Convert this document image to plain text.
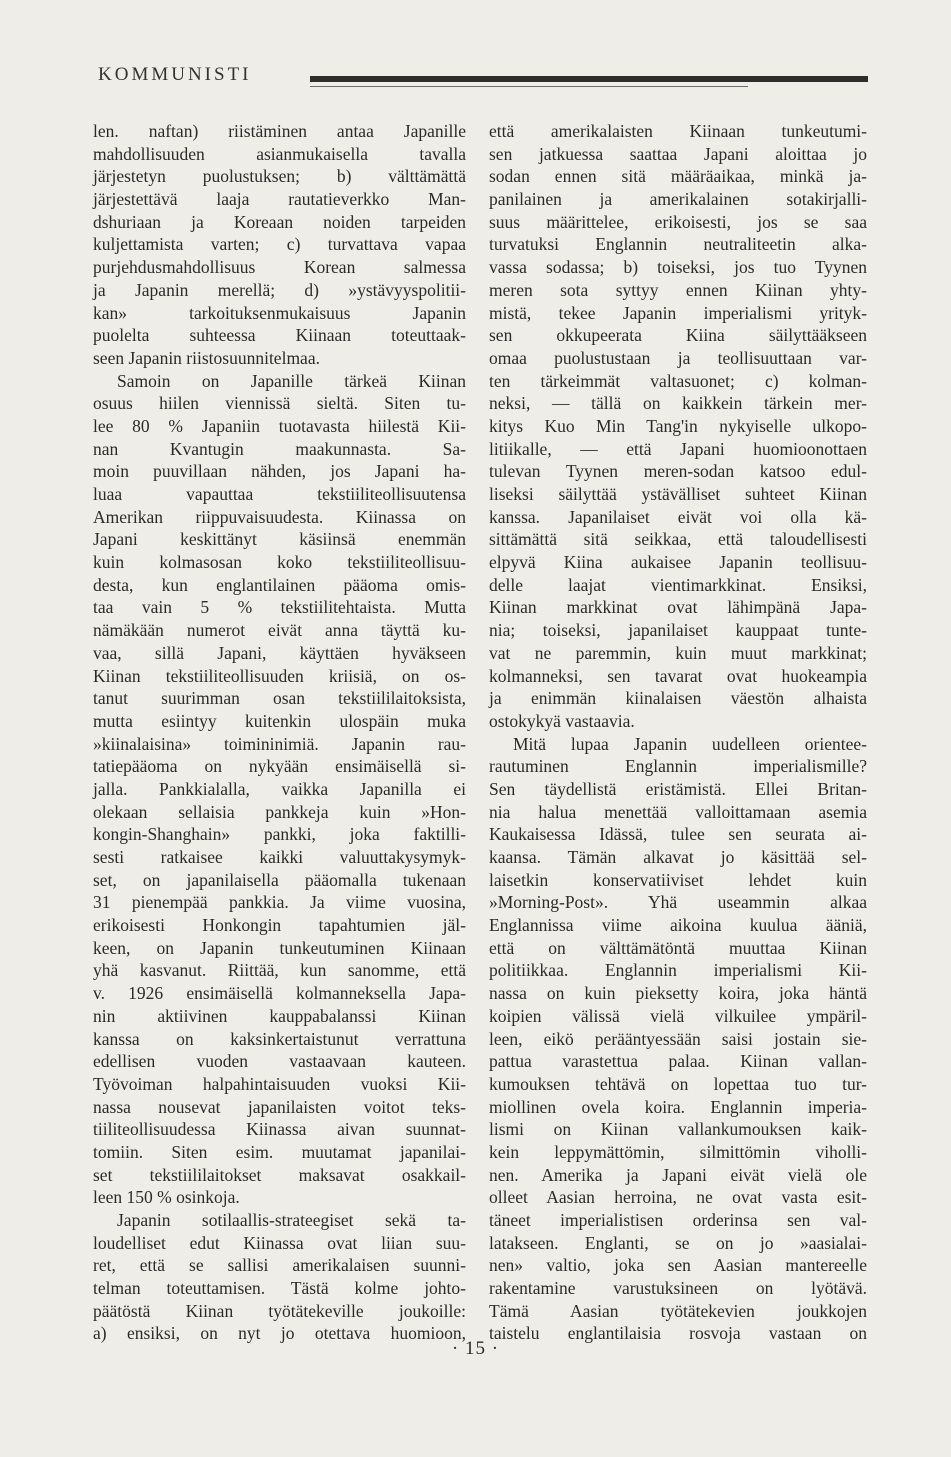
KOMMUNISTI
len. naftan) riistäminen antaa Japanille
mahdollisuuden asianmukaisella tavalla
järjestetyn puolustuksen; b) välttämättä
järjestettävä laaja rautatieverkko Man-
dshuriaan ja Koreaan noiden tarpeiden
kuljettamista varten; c) turvattava vapaa
purjehdusmahdollisuus Korean salmessa
ja Japanin merellä; d) »ystävyyspolitii-
kan» tarkoituksenmukaisuus Japanin
puolelta suhteessa Kiinaan toteuttaak-
seen Japanin riistosuunnitelmaa.
Samoin on Japanille tärkeä Kiinan
osuus hiilen viennissä sieltä. Siten tu-
lee 80 % Japaniin tuotavasta hiilestä Kii-
nan Kvantugin maakunnasta. Sa-
moin puuvillaan nähden, jos Japani ha-
luaa vapauttaa tekstiiliteollisuutensa
Amerikan riippuvaisuudesta. Kiinassa on
Japani keskittänyt käsiinsä enemmän
kuin kolmasosan koko tekstiiliteollisuu-
desta, kun englantilainen pääoma omis-
taa vain 5 % tekstiilitehtaista. Mutta
nämäkään numerot eivät anna täyttä ku-
vaa, sillä Japani, käyttäen hyväkseen
Kiinan tekstiiliteollisuuden kriisiä, on os-
tanut suurimman osan tekstiililaitoksista,
mutta esiintyy kuitenkin ulospäin muka
»kiinalaisina» toimininimiä. Japanin rau-
tatiepääoma on nykyään ensimäisellä si-
jalla. Pankkialalla, vaikka Japanilla ei
olekaan sellaisia pankkeja kuin »Hon-
kongin-Shanghain» pankki, joka faktilli-
sesti ratkaisee kaikki valuuttakysymyk-
set, on japanilaisella pääomalla tukenaan
31 pienempää pankkia. Ja viime vuosina,
erikoisesti Honkongin tapahtumien jäl-
keen, on Japanin tunkeutuminen Kiinaan
yhä kasvanut. Riittää, kun sanomme, että
v. 1926 ensimäisellä kolmanneksella Japa-
nin aktiivinen kauppabalanssi Kiinan
kanssa on kaksinkertaistunut verrattuna
edellisen vuoden vastaavaan kauteen.
Työvoiman halpahintaisuuden vuoksi Kii-
nassa nousevat japanilaisten voitot teks-
tiiliteollisuudessa Kiinassa aivan suunnat-
tomiin. Siten esim. muutamat japanilai-
set tekstiililaitokset maksavat osakkail-
leen 150 % osinkoja.
Japanin sotilaallis-strateegiset sekä ta-
loudelliset edut Kiinassa ovat liian suu-
ret, että se sallisi amerikalaisen suunni-
telman toteuttamisen. Tästä kolme johto-
päätöstä Kiinan työtätekeville joukoille:
a) ensiksi, on nyt jo otettava huomioon,
että amerikalaisten Kiinaan tunkeutumi-
sen jatkuessa saattaa Japani aloittaa jo
sodan ennen sitä määräaikaa, minkä ja-
panilainen ja amerikalainen sotakirjalli-
suus määrittelee, erikoisesti, jos se saa
turvatuksi Englannin neutraliteetin alka-
vassa sodassa; b) toiseksi, jos tuo Tyynen
meren sota syttyy ennen Kiinan yhty-
mistä, tekee Japanin imperialismi yrityk-
sen okkupeerata Kiina säilyttääkseen
omaa puolustustaan ja teollisuuttaan var-
ten tärkeimmät valtasuonet; c) kolman-
neksi, — tällä on kaikkein tärkein mer-
kitys Kuo Min Tang'in nykyiselle ulkopo-
litiikalle, — että Japani huomioonottaen
tulevan Tyynen meren-sodan katsoo edul-
liseksi säilyttää ystävälliset suhteet Kiinan
kanssa. Japanilaiset eivät voi olla kä-
sittämättä sitä seikkaa, että taloudellisesti
elpyvä Kiina aukaisee Japanin teollisuu-
delle laajat vientimarkkinat. Ensiksi,
Kiinan markkinat ovat lähimpänä Japa-
nia; toiseksi, japanilaiset kauppaat tunte-
vat ne paremmin, kuin muut markkinat;
kolmanneksi, sen tavarat ovat huokeampia
ja enimmän kiinalaisen väestön alhaista
ostokykyä vastaavia.
Mitä lupaa Japanin uudelleen orientee-
rautuminen Englannin imperialismille?
Sen täydellistä eristämistä. Ellei Britan-
nia halua menettää valloittamaan asemia
Kaukaisessa Idässä, tulee sen seurata ai-
kaansa. Tämän alkavat jo käsittää sel-
laisetkin konservatiiviset lehdet kuin
»Morning-Post». Yhä useammin alkaa
Englannissa viime aikoina kuulua ääniä,
että on välttämätöntä muuttaa Kiinan
politiikkaa. Englannin imperialismi Kii-
nassa on kuin pieksetty koira, joka häntä
koipien välissä vielä vilkuilee ympäril-
leen, eikö perääntyessään saisi jostain sie-
pattua varastettua palaa. Kiinan vallan-
kumouksen tehtävä on lopettaa tuo tur-
miollinen ovela koira. Englannin imperia-
lismi on Kiinan vallankumouksen kaik-
kein leppymättömin, silmittömin viholli-
nen. Amerika ja Japani eivät vielä ole
olleet Aasian herroina, ne ovat vasta esit-
täneet imperialistisen orderinsa sen val-
latakseen. Englanti, se on jo »aasialai-
nen» valtio, joka sen Aasian mantereelle
rakentamine varustuksineen on lyötävä.
Tämä Aasian työtätekevien joukkojen
taistelu englantilaisia rosvoja vastaan on
· 15 ·
